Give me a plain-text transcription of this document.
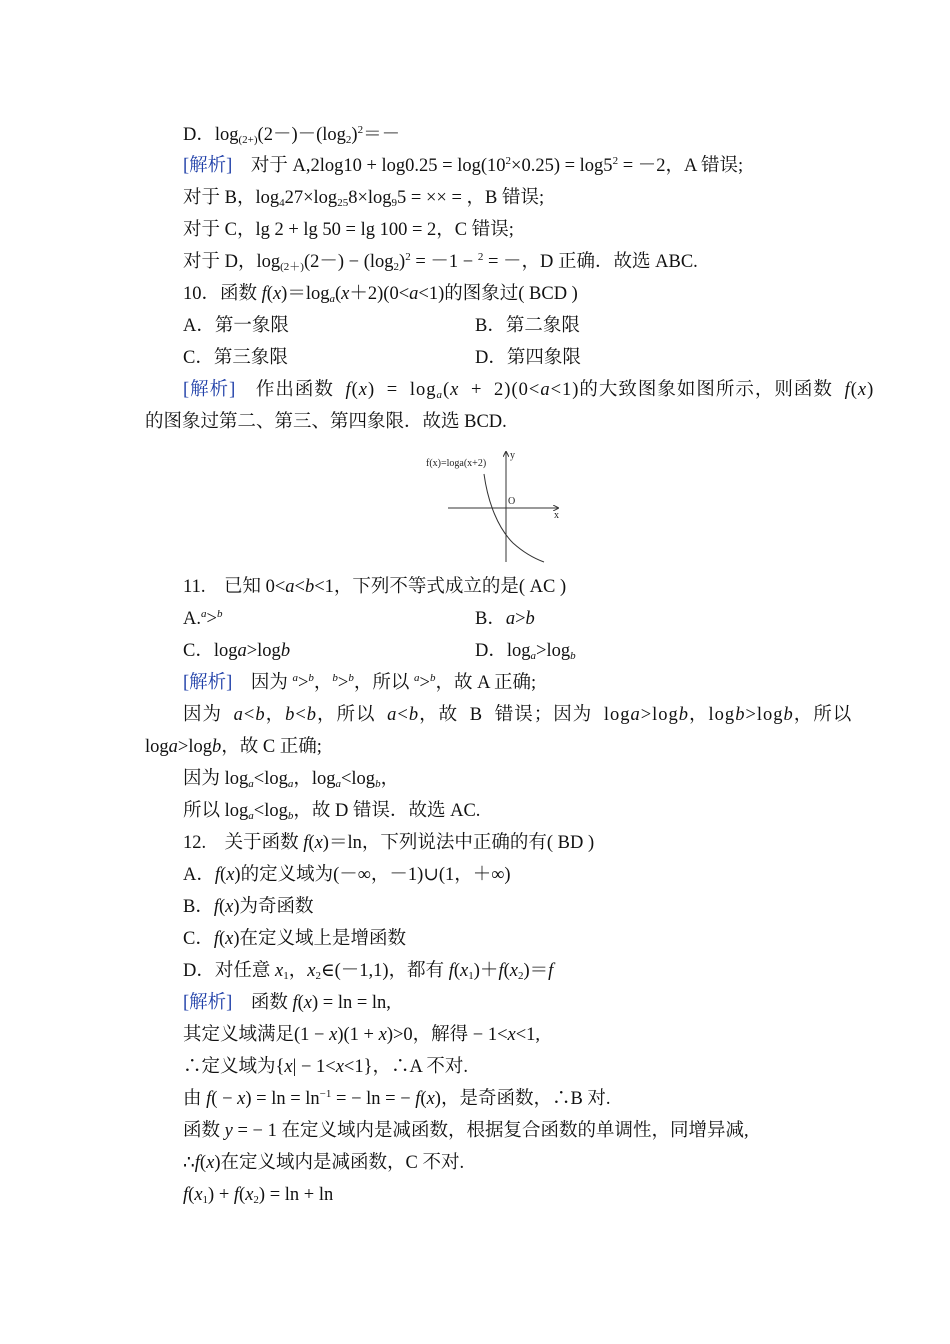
D．$\log_{(2+)}(2-)-(\log_2)^2=-$
[解析]　对于 $A,2\log 10 + \log 0.25 = \log(10^2\times 0.25) = \log 5^2 = -2$，A 错误;
对于 B，$\log_427\times\log_{25}8\times\log_95$ = ×× = ，B 错误;
对于 C，lg 2 + lg 50 = lg 100 = 2，C 错误;
对于 D，$\log_{(2+)}(2-) - (\log_2)^2 = -1 - ^2$ = －，D 正确．故选 ABC.
10．函数 $f(x)=\log_a(x+2)(0<a<1)$的图象过( BCD )
A．第一象限	B．第二象限
C．第三象限	D．第四象限
[解析]　作出函数 $f(x) = \log_a(x + 2)(0<a<1)$的大致图象如图所示，则函数 f(x)
的图象过第二、第三、第四象限．故选 BCD.
f(x)=loga(x+2)
O
x
y
11.　已知 0<a<b<1，下列不等式成立的是( AC )
A.$^a$>$^b$	B．a>b
C．loga>logb	D．$\log_a>\log_b$
[解析]　因为 $^a$>$^b$，$^b$>$^b$，所以 $^a$>$^b$，故 A 正确;
因为 a<b，b<b，所以 a<b，故 B 错误；因为 loga>logb，logb>logb，所以
loga>logb，故 C 正确;
因为 $\log_a<\log_a$，$\log_a<\log_b$，
所以 $\log_a<\log_b$，故 D 错误．故选 AC.
12.　关于函数 f(x)＝ln，下列说法中正确的有( BD )
A．f(x)的定义域为(－∞，－1)∪(1，＋∞)
B．f(x)为奇函数
C．f(x)在定义域上是增函数
D．对任意 $x_1$，$x_2\in(-1,1)$，都有 $f(x_1)+f(x_2)=f$
[解析]　函数 f(x) = ln = ln,
其定义域满足(1 − x)(1 + x)>0，解得 − 1<x<1,
∴定义域为{x| − 1<x<1}，∴A 不对.
由 $f( - x) = \ln = \ln^{-1}$ = − ln = − f(x)，是奇函数，∴B 对.
函数 y = − 1 在定义域内是减函数，根据复合函数的单调性，同增异减,
∴f(x)在定义域内是减函数，C 不对.
$f(x_1) + f(x_2) = \ln + \ln$
